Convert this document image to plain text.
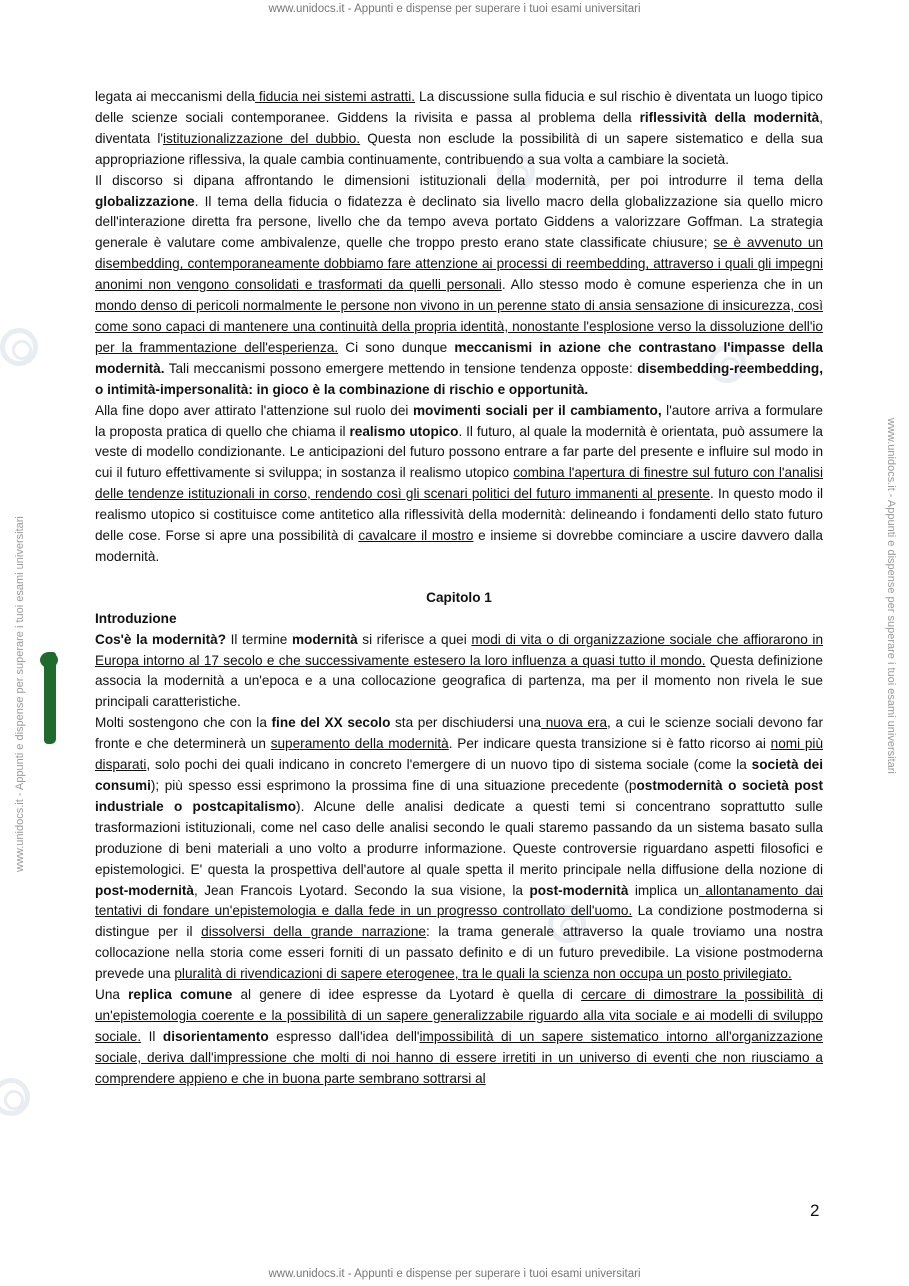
www.unidocs.it - Appunti e dispense per superare i tuoi esami universitari
www.unidocs.it - Appunti e dispense per superare i tuoi esami universitari
www.unidocs.it - Appunti e dispense per superare i tuoi esami universitari	www.unidocs.it - Appunti e dispense per superare i tuoi esami universitari

legata ai meccanismi della fiducia nei sistemi astratti. La discussione sulla fiducia e sul rischio è diventata un luogo tipico delle scienze sociali contemporanee. Giddens la rivisita e passa al problema della riflessività della modernità, diventata l'istituzionalizzazione del dubbio. Questa non esclude la possibilità di un sapere sistematico e della sua appropriazione riflessiva, la quale cambia continuamente, contribuendo a sua volta a cambiare la società.

Il discorso si dipana affrontando le dimensioni istituzionali della modernità, per poi introdurre il tema della globalizzazione. Il tema della fiducia o fidatezza è declinato sia livello macro della globalizzazione sia quello micro dell'interazione diretta fra persone, livello che da tempo aveva portato Giddens a valorizzare Goffman. La strategia generale è valutare come ambivalenze, quelle che troppo presto erano state classificate chiusure; se è avvenuto un disembedding, contemporaneamente dobbiamo fare attenzione ai processi di reembedding, attraverso i quali gli impegni anonimi non vengono consolidati e trasformati da quelli personali. Allo stesso modo è comune esperienza che in un mondo denso di pericoli normalmente le persone non vivono in un perenne stato di ansia sensazione di insicurezza, così come sono capaci di mantenere una continuità della propria identità, nonostante l'esplosione verso la dissoluzione dell'io per la frammentazione dell'esperienza. Ci sono dunque meccanismi in azione che contrastano l'impasse della modernità. Tali meccanismi possono emergere mettendo in tensione tendenza opposte: disembedding-reembedding, o intimità-impersonalità: in gioco è la combinazione di rischio e opportunità.

Alla fine dopo aver attirato l'attenzione sul ruolo dei movimenti sociali per il cambiamento, l'autore arriva a formulare la proposta pratica di quello che chiama il realismo utopico. Il futuro, al quale la modernità è orientata, può assumere la veste di modello condizionante. Le anticipazioni del futuro possono entrare a far parte del presente e influire sul modo in cui il futuro effettivamente si sviluppa; in sostanza il realismo utopico combina l'apertura di finestre sul futuro con l'analisi delle tendenze istituzionali in corso, rendendo così gli scenari politici del futuro immanenti al presente. In questo modo il realismo utopico si costituisce come antitetico alla riflessività della modernità: delineando i fondamenti dello stato futuro delle cose. Forse si apre una possibilità di cavalcare il mostro e insieme si dovrebbe cominciare a uscire davvero dalla modernità.

Capitolo 1

Introduzione

Cos'è la modernità? Il termine modernità si riferisce a quei modi di vita o di organizzazione sociale che affiorarono in Europa intorno al 17 secolo e che successivamente estesero la loro influenza a quasi tutto il mondo. Questa definizione associa la modernità a un'epoca e a una collocazione geografica di partenza, ma per il momento non rivela le sue principali caratteristiche.

Molti sostengono che con la fine del XX secolo sta per dischiudersi una nuova era, a cui le scienze sociali devono far fronte e che determinerà un superamento della modernità. Per indicare questa transizione si è fatto ricorso ai nomi più disparati, solo pochi dei quali indicano in concreto l'emergere di un nuovo tipo di sistema sociale (come la società dei consumi); più spesso essi esprimono la prossima fine di una situazione precedente (postmodernità o società post industriale o postcapitalismo). Alcune delle analisi dedicate a questi temi si concentrano soprattutto sulle trasformazioni istituzionali, come nel caso delle analisi secondo le quali staremo passando da un sistema basato sulla produzione di beni materiali a uno volto a produrre informazione. Queste controversie riguardano aspetti filosofici e epistemologici. E' questa la prospettiva dell'autore al quale spetta il merito principale nella diffusione della nozione di post-modernità, Jean Francois Lyotard. Secondo la sua visione, la post-modernità implica un allontanamento dai tentativi di fondare un'epistemologia e dalla fede in un progresso controllato dell'uomo. La condizione postmoderna si distingue per il dissolversi della grande narrazione: la trama generale attraverso la quale troviamo una nostra collocazione nella storia come esseri forniti di un passato definito e di un futuro prevedibile. La visione postmoderna prevede una pluralità di rivendicazioni di sapere eterogenee, tra le quali la scienza non occupa un posto privilegiato.

Una replica comune al genere di idee espresse da Lyotard è quella di cercare di dimostrare la possibilità di un'epistemologia coerente e la possibilità di un sapere generalizzabile riguardo alla vita sociale e ai modelli di sviluppo sociale. Il disorientamento espresso dall'idea dell'impossibilità di un sapere sistematico intorno all'organizzazione sociale, deriva dall'impressione che molti di noi hanno di essere irretiti in un universo di eventi che non riusciamo a comprendere appieno e che in buona parte sembrano sottrarsi al

2
